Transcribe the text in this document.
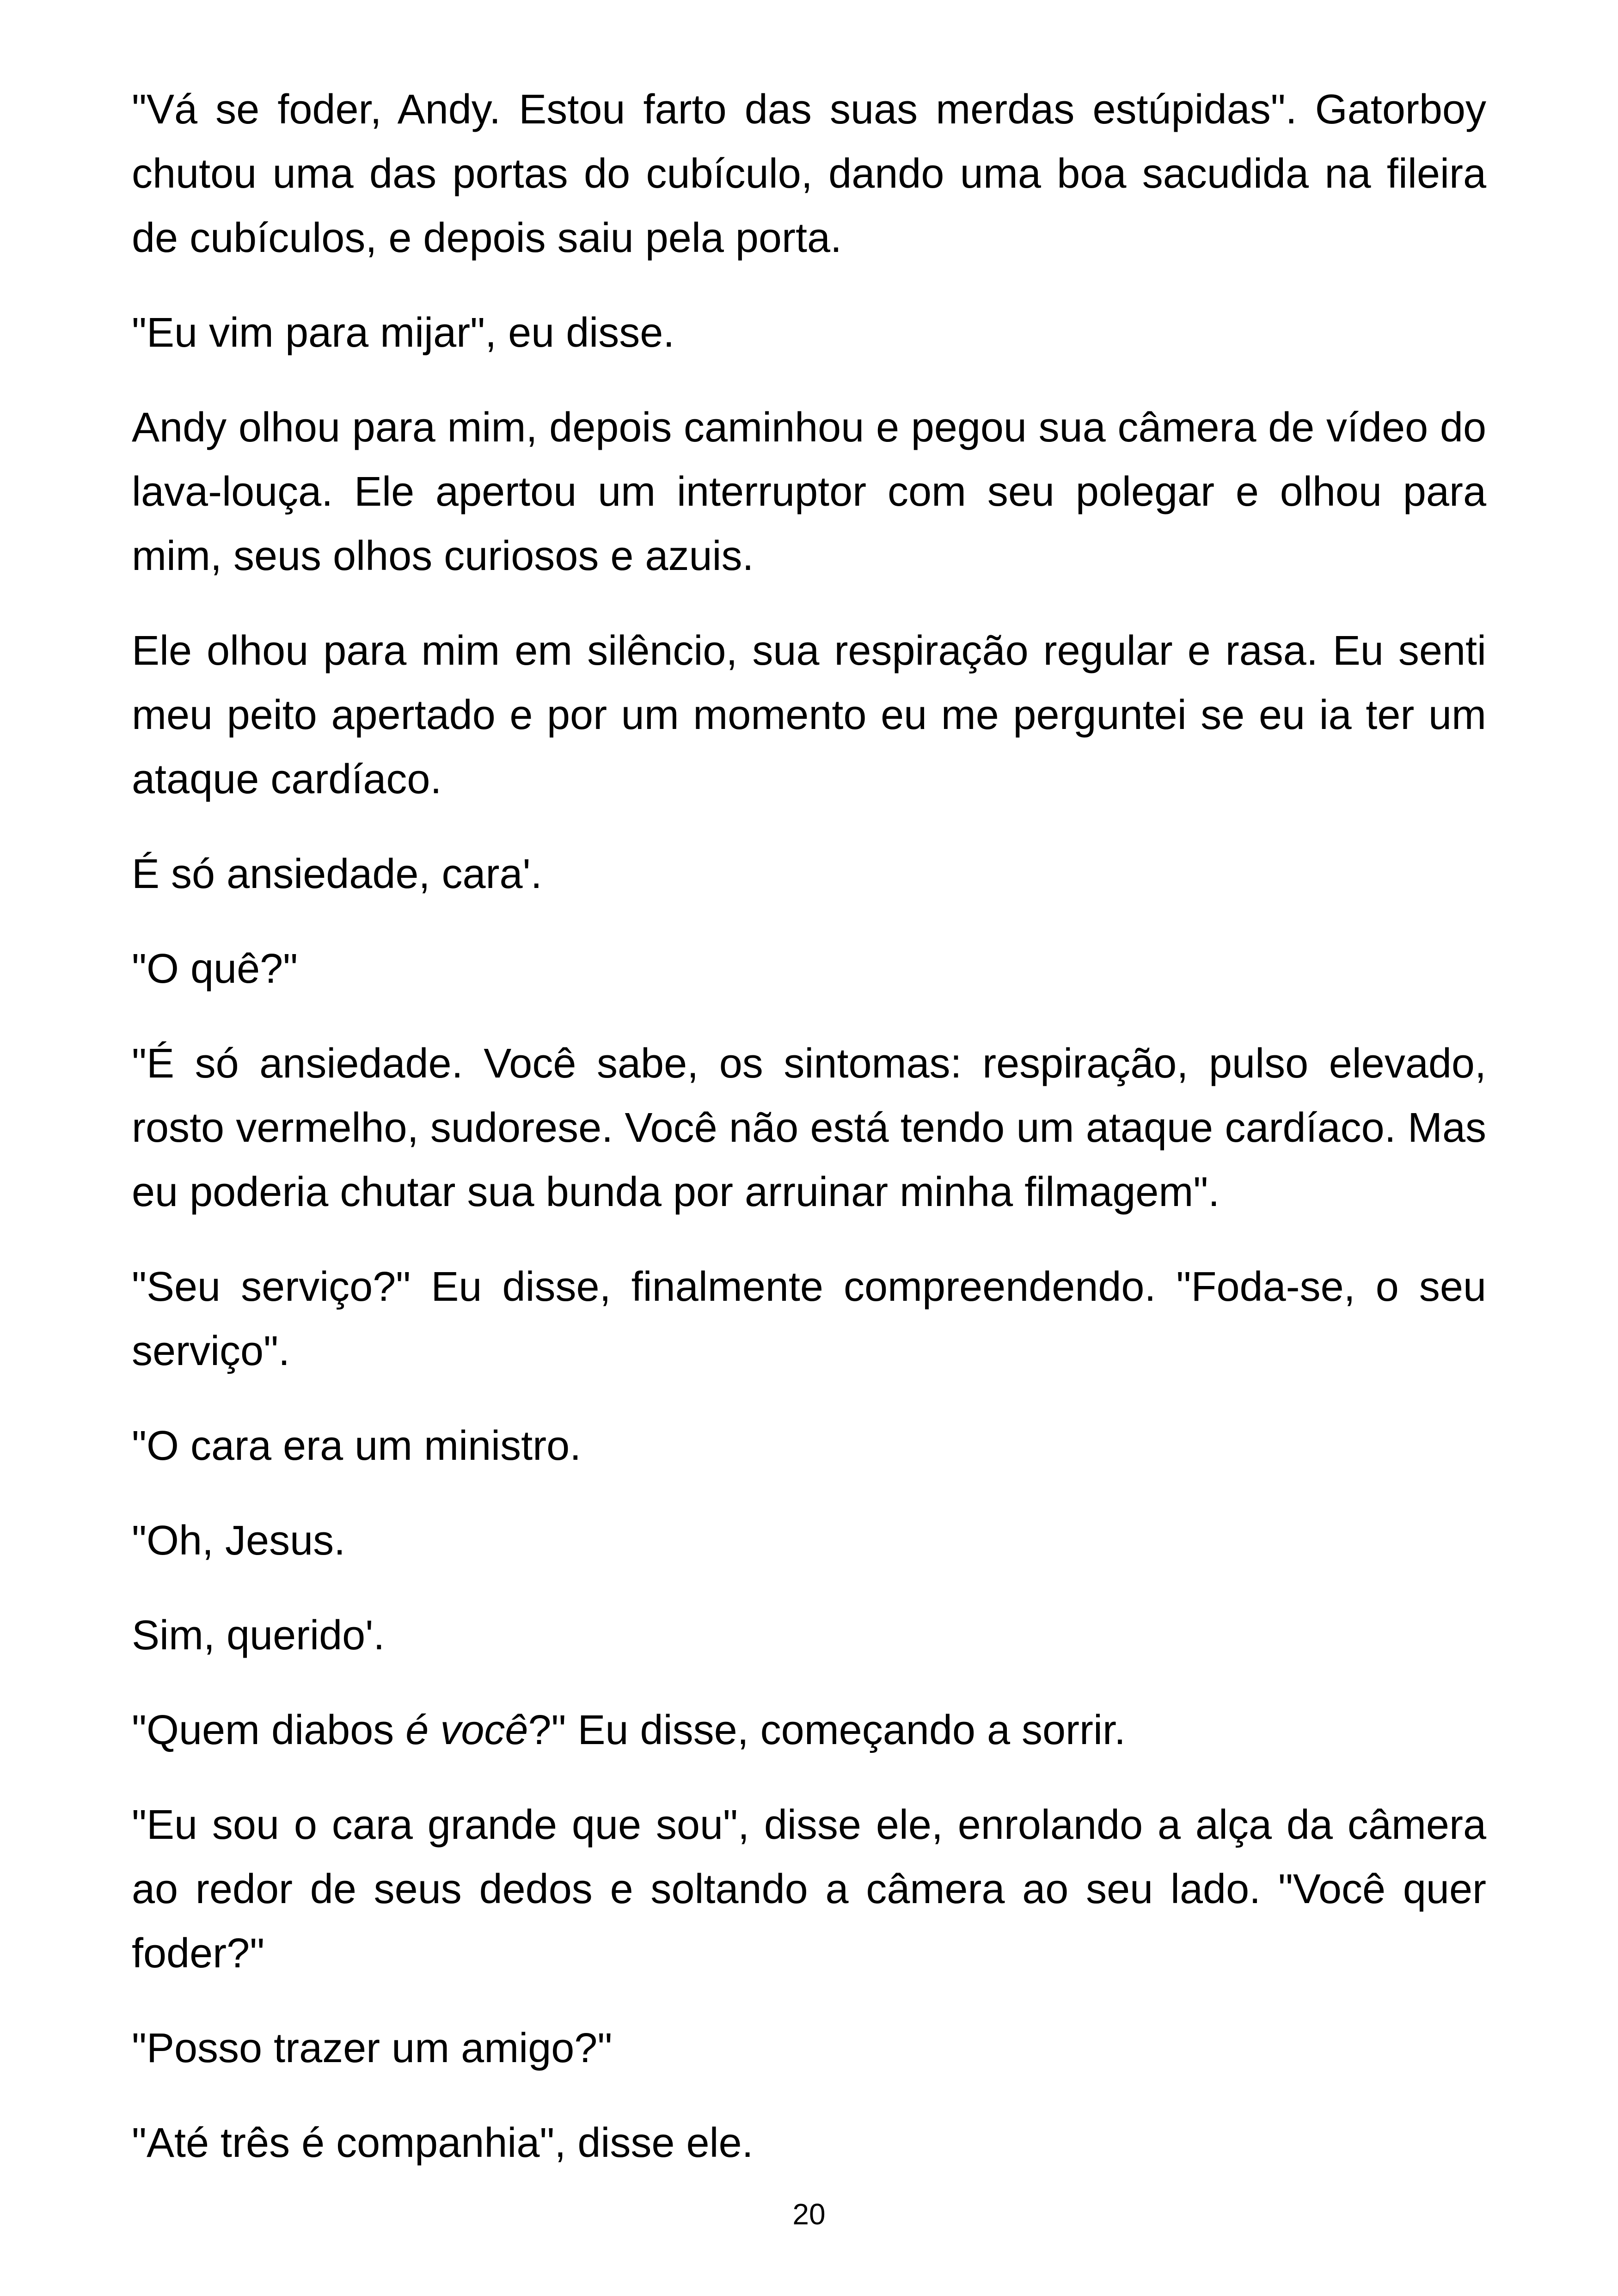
"Vá se foder, Andy. Estou farto das suas merdas estúpidas". Gatorboy chutou uma das portas do cubículo, dando uma boa sacudida na fileira de cubículos, e depois saiu pela porta.

"Eu vim para mijar", eu disse.

Andy olhou para mim, depois caminhou e pegou sua câmera de vídeo do lava-louça. Ele apertou um interruptor com seu polegar e olhou para mim, seus olhos curiosos e azuis.

Ele olhou para mim em silêncio, sua respiração regular e rasa. Eu senti meu peito apertado e por um momento eu me perguntei se eu ia ter um ataque cardíaco.

É só ansiedade, cara'.

"O quê?"

"É só ansiedade. Você sabe, os sintomas: respiração, pulso elevado, rosto vermelho, sudorese. Você não está tendo um ataque cardíaco. Mas eu poderia chutar sua bunda por arruinar minha filmagem".

"Seu serviço?" Eu disse, finalmente compreendendo. "Foda-se, o seu serviço".

"O cara era um ministro.

"Oh, Jesus.

Sim, querido'.

"Quem diabos é você?" Eu disse, começando a sorrir.

"Eu sou o cara grande que sou", disse ele, enrolando a alça da câmera ao redor de seus dedos e soltando a câmera ao seu lado. "Você quer foder?"

"Posso trazer um amigo?"

"Até três é companhia", disse ele.

20
